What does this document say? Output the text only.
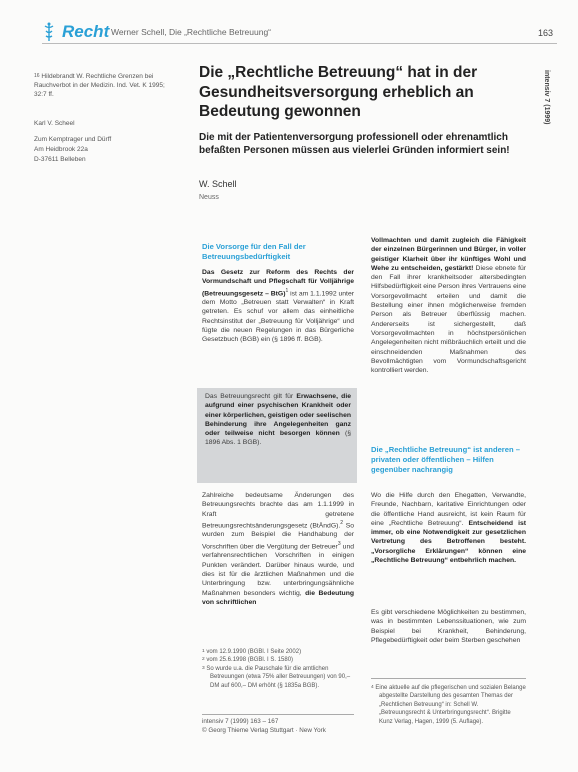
Recht Werner Schell, Die „Rechtliche Betreuung“	163
$^{16}$ Hildebrandt W. Rechtliche Grenzen bei Rauchverbot in der Medizin. Ind. Vet. K 1995; 32:7 ff.
Karl V. Scheel
Zum Kemptrager und Dürff
Am Heidbrook 22a
D-37611 Belleben
Die „Rechtliche Betreuung“ hat in der Gesundheitsversorgung erheblich an Bedeutung gewonnen
Die mit der Patientenversorgung professionell oder ehrenamtlich befaßten Personen müssen aus vielerlei Gründen informiert sein!
W. Schell
Neuss
intensiv 7 (1999)
Die Vorsorge für den Fall der Betreuungsbedürftigkeit
Das Gesetz zur Reform des Rechts der Vormundschaft und Pflegschaft für Volljährige (Betreuungsgesetz – BtG)$^1$ ist am 1.1.1992 unter dem Motto „Betreuen statt Verwalten“ in Kraft getreten. Es schuf vor allem das einheitliche Rechtsinstitut der „Betreuung für Volljährige“ und fügte die neuen Regelungen in das Bürgerliche Gesetzbuch (BGB) ein (§ 1896 ff. BGB).
Das Betreuungsrecht gilt für Erwachsene, die aufgrund einer psychischen Krankheit oder einer körperlichen, geistigen oder seelischen Behinderung ihre Angelegenheiten ganz oder teilweise nicht besorgen können (§ 1896 Abs. 1 BGB).
Zahlreiche bedeutsame Änderungen des Betreuungsrechts brachte das am 1.1.1999 in Kraft getretene Betreuungsrechtsänderungsgesetz (BtÄndG).$^2$ So wurden zum Beispiel die Handhabung der Vorschriften über die Vergütung der Betreuer$^3$ und verfahrensrechtlichen Vorschriften in einigen Punkten verändert. Darüber hinaus wurde, und dies ist für die ärztlichen Maßnahmen und die Unterbringung bzw. unterbringungsähnliche Maßnahmen besonders wichtig, die Bedeutung von schriftlichen
Vollmachten und damit zugleich die Fähigkeit der einzelnen Bürgerinnen und Bürger, in voller geistiger Klarheit über ihr künftiges Wohl und Wehe zu entscheiden, gestärkt! Diese ebnete für den Fall ihrer krankheitsoder altersbedingten Hilfsbedürftigkeit eine Person ihres Vertrauens eine Vorsorgevollmacht erteilen und damit die Bestellung einer ihnen möglicherweise fremden Person als Betreuer überflüssig machen. Andererseits ist sichergestellt, daß Vorsorgevollmachten in höchstpersönlichen Angelegenheiten nicht mißbräuchlich erteilt und die einschneidenden Maßnahmen des Bevollmächtigten vom Vormundschaftsgericht kontrolliert werden.
Die „Rechtliche Betreuung“ ist anderen – privaten oder öffentlichen – Hilfen gegenüber nachrangig
Wo die Hilfe durch den Ehegatten, Verwandte, Freunde, Nachbarn, karitative Einrichtungen oder die öffentliche Hand ausreicht, ist kein Raum für eine „Rechtliche Betreuung“. Entscheidend ist immer, ob eine Notwendigkeit zur gesetzlichen Vertretung des Betroffenen besteht. „Vorsorgliche Erklärungen“ können eine „Rechtliche Betreuung“ entbehrlich machen.
Es gibt verschiedene Möglichkeiten zu bestimmen, was in bestimmten Lebenssituationen, wie zum Beispiel bei Krankheit, Behinderung, Pflegebedürftigkeit oder beim Sterben geschehen
$^1$ vom 12.9.1990 (BGBl. I Seite 2002)
$^2$ vom 25.6.1998 (BGBl. I S. 1580)
$^3$ So wurde u.a. die Pauschale für die amtlichen Betreuungen (etwa 75% aller Betreuungen) von 90,– DM auf 600,– DM erhöht (§ 1835a BGB).
intensiv 7 (1999) 163 – 167
© Georg Thieme Verlag Stuttgart · New York
$^4$ Eine aktuelle auf die pflegerischen und sozialen Belange abgestellte Darstellung des gesamten Themas der „Rechtlichen Betreuung“ in: Schell W. „Betreuungsrecht & Unterbringungsrecht“. Brigitte Kunz Verlag, Hagen, 1999 (5. Auflage).
